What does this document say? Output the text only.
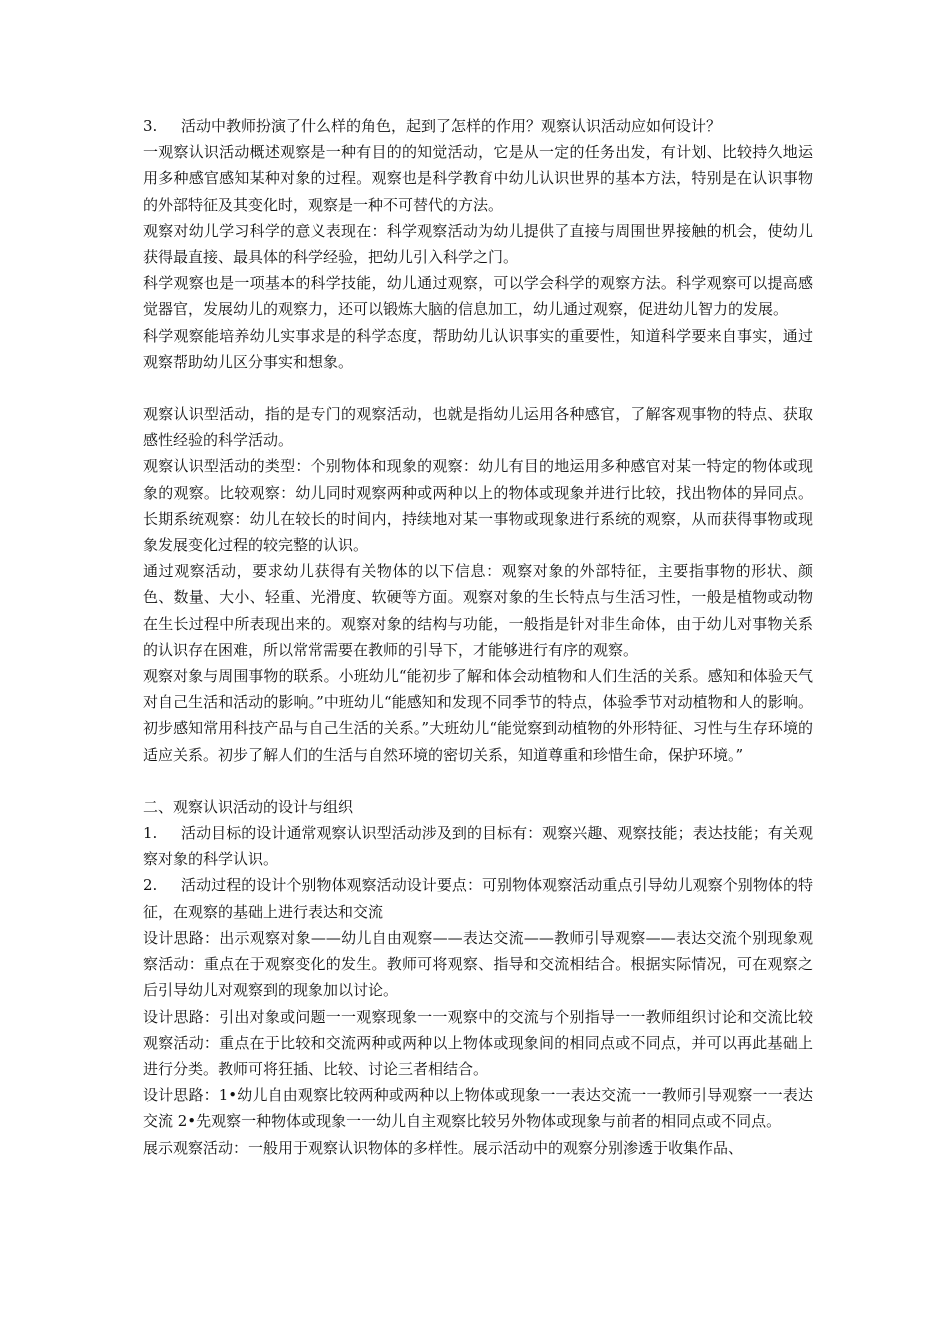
3. 活动中教师扮演了什么样的角色，起到了怎样的作用？观察认识活动应如何设计？

一观察认识活动概述观察是一种有目的的知觉活动，它是从一定的任务出发，有计划、比较持久地运用多种感官感知某种对象的过程。观察也是科学教育中幼儿认识世界的基本方法，特别是在认识事物的外部特征及其变化时，观察是一种不可替代的方法。

观察对幼儿学习科学的意义表现在：科学观察活动为幼儿提供了直接与周围世界接触的机会，使幼儿获得最直接、最具体的科学经验，把幼儿引入科学之门。

科学观察也是一项基本的科学技能，幼儿通过观察，可以学会科学的观察方法。科学观察可以提高感觉器官，发展幼儿的观察力，还可以锻炼大脑的信息加工，幼儿通过观察，促进幼儿智力的发展。

科学观察能培养幼儿实事求是的科学态度，帮助幼儿认识事实的重要性，知道科学要来自事实，通过观察帮助幼儿区分事实和想象。

观察认识型活动，指的是专门的观察活动，也就是指幼儿运用各种感官，了解客观事物的特点、获取感性经验的科学活动。

观察认识型活动的类型：个别物体和现象的观察：幼儿有目的地运用多种感官对某一特定的物体或现象的观察。比较观察：幼儿同时观察两种或两种以上的物体或现象并进行比较，找出物体的异同点。长期系统观察：幼儿在较长的时间内，持续地对某一事物或现象进行系统的观察，从而获得事物或现象发展变化过程的较完整的认识。

通过观察活动，要求幼儿获得有关物体的以下信息：观察对象的外部特征，主要指事物的形状、颜色、数量、大小、轻重、光滑度、软硬等方面。观察对象的生长特点与生活习性，一般是植物或动物在生长过程中所表现出来的。观察对象的结构与功能，一般指是针对非生命体，由于幼儿对事物关系的认识存在困难，所以常常需要在教师的引导下，才能够进行有序的观察。

观察对象与周围事物的联系。小班幼儿“能初步了解和体会动植物和人们生活的关系。感知和体验天气对自己生活和活动的影响。”中班幼儿“能感知和发现不同季节的特点，体验季节对动植物和人的影响。初步感知常用科技产品与自己生活的关系。”大班幼儿“能觉察到动植物的外形特征、习性与生存环境的适应关系。初步了解人们的生活与自然环境的密切关系，知道尊重和珍惜生命，保护环境。”

二、观察认识活动的设计与组织

1. 活动目标的设计通常观察认识型活动涉及到的目标有：观察兴趣、观察技能；表达技能；有关观察对象的科学认识。

2. 活动过程的设计个别物体观察活动设计要点：可别物体观察活动重点引导幼儿观察个别物体的特征，在观察的基础上进行表达和交流

设计思路：出示观察对象——幼儿自由观察——表达交流——教师引导观察——表达交流个别现象观察活动：重点在于观察变化的发生。教师可将观察、指导和交流相结合。根据实际情况，可在观察之后引导幼儿对观察到的现象加以讨论。

设计思路：引出对象或问题一一观察现象一一观察中的交流与个别指导一一教师组织讨论和交流比较观察活动：重点在于比较和交流两种或两种以上物体或现象间的相同点或不同点，并可以再此基础上进行分类。教师可将狂插、比较、讨论三者相结合。

设计思路：1•幼儿自由观察比较两种或两种以上物体或现象一一表达交流一一教师引导观察一一表达交流 2•先观察一种物体或现象一一幼儿自主观察比较另外物体或现象与前者的相同点或不同点。

展示观察活动：一般用于观察认识物体的多样性。展示活动中的观察分别渗透于收集作品、
